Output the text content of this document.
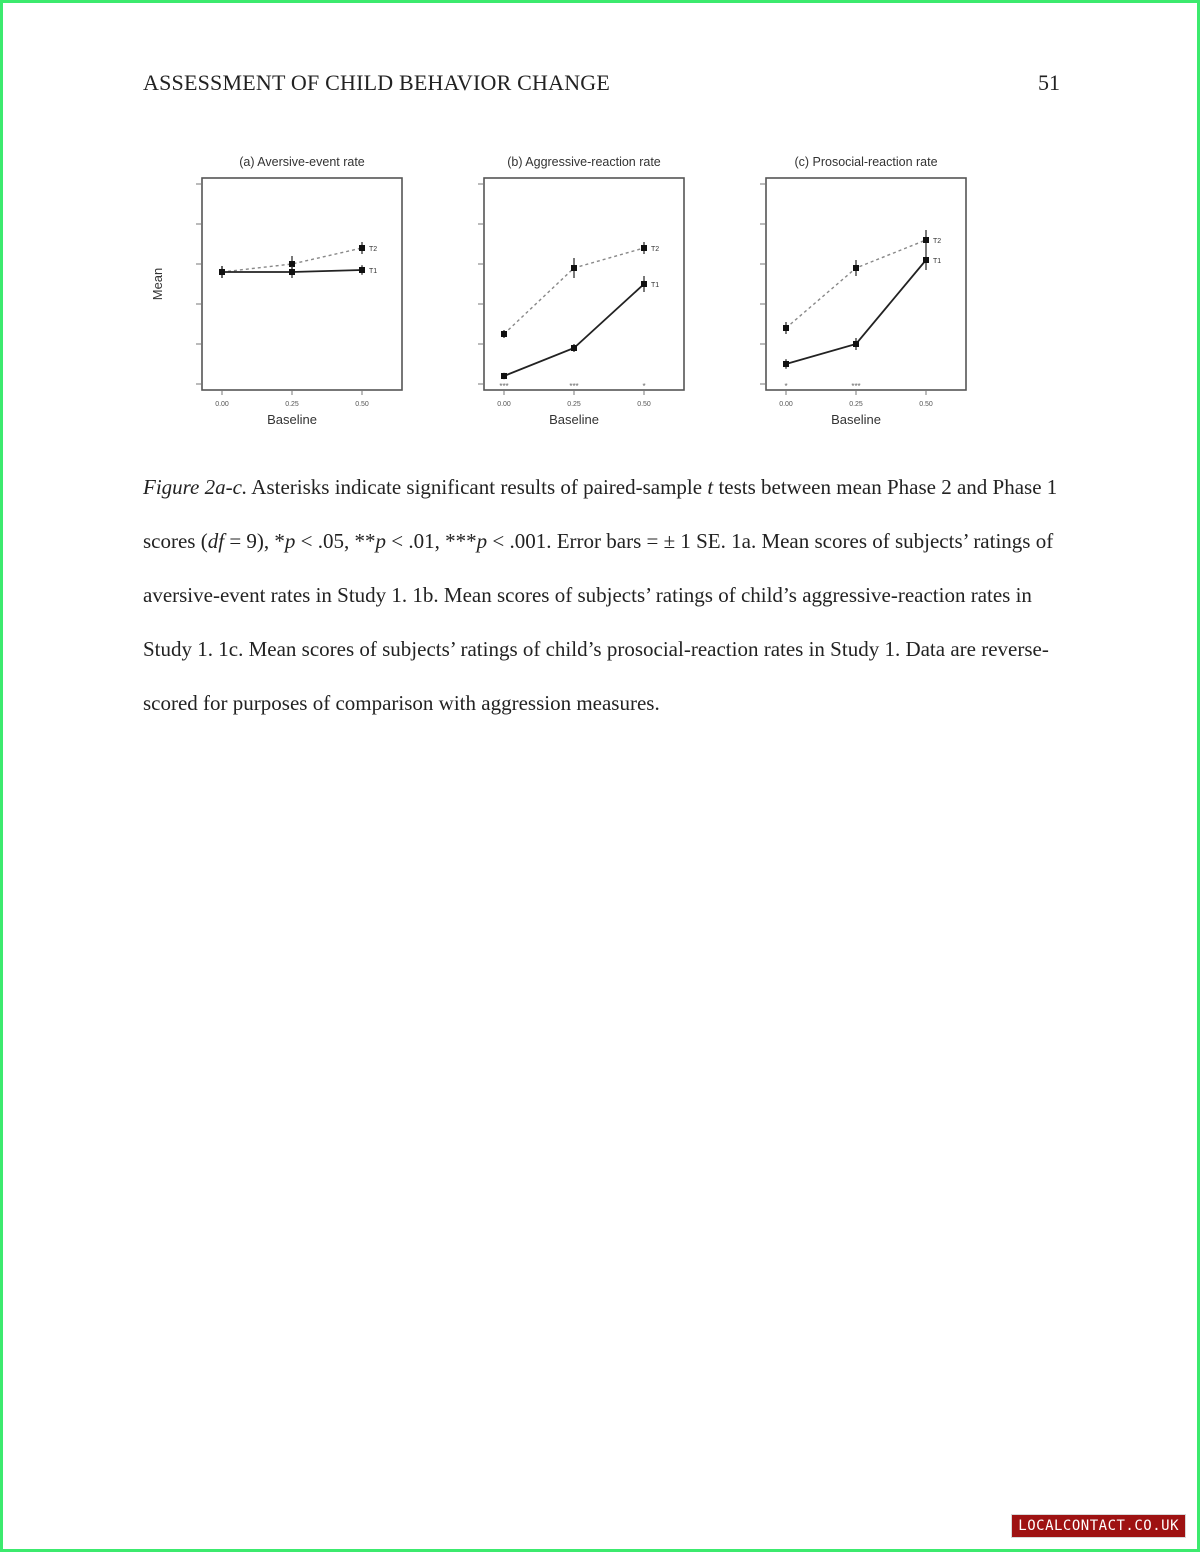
ASSESSMENT OF CHILD BEHAVIOR CHANGE	51
(a) Aversive-event rate
0.00	0.25	0.50
Baseline
Mean
T2
T1
(b) Aggressive-reaction rate
0.00
***
0.25
***
0.50
*
Baseline
T2
T1
(c) Prosocial-reaction rate
0.00
*
0.25
***
0.50
Baseline
T2
T1
Figure 2a-c. Asterisks indicate significant results of paired-sample t tests between mean Phase 2 and Phase 1 scores (df = 9), *p < .05, **p < .01, ***p < .001. Error bars = ± 1 SE. 1a. Mean scores of subjects’ ratings of aversive-event rates in Study 1. 1b. Mean scores of subjects’ ratings of child’s aggressive-reaction rates in Study 1. 1c. Mean scores of subjects’ ratings of child’s prosocial-reaction rates in Study 1. Data are reverse-scored for purposes of comparison with aggression measures.
LOCALCONTACT.CO.UK
